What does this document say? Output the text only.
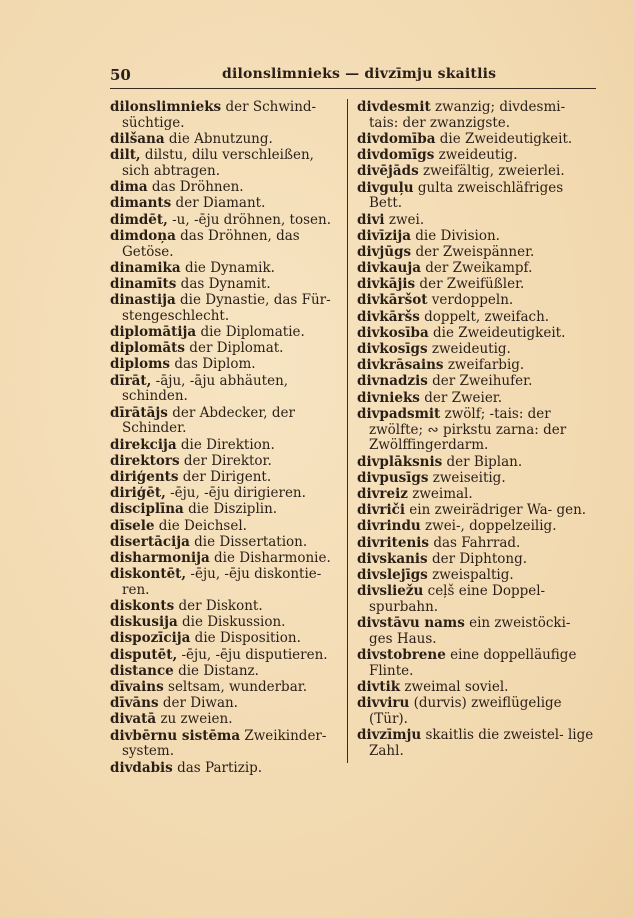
50	dilonslimnieks — divzīmju skaitlis
dilonslimnieks der Schwind- süchtige.
dilšana die Abnutzung.
dilt, dilstu, dilu verschleißen, sich abtragen.
dima das Dröhnen.
dimants der Diamant.
dimdēt, -u, -ēju dröhnen, tosen.
dimdoņa das Dröhnen, das Getöse.
dinamika die Dynamik.
dinamīts das Dynamit.
dinastija die Dynastie, das Für- stengeschlecht.
diplomātija die Diplomatie.
diplomāts der Diplomat.
diploms das Diplom.
dīrāt, -āju, -āju abhäuten, schinden.
dīrātājs der Abdecker, der Schinder.
direkcija die Direktion.
direktors der Direktor.
diriģents der Dirigent.
diriģēt, -ēju, -ēju dirigieren.
disciplīna die Disziplin.
dīsele die Deichsel.
disertācija die Dissertation.
disharmonija die Disharmonie.
diskontēt, -ēju, -ēju diskontie- ren.
diskonts der Diskont.
diskusija die Diskussion.
dispozīcija die Disposition.
disputēt, -ēju, -ēju disputieren.
distance die Distanz.
dīvains seltsam, wunderbar.
dīvāns der Diwan.
divatā zu zweien.
divbērnu sistēma Zweikinder- system.
divdabis das Partizip.
divdesmit zwanzig; divdesmi- tais: der zwanzigste.
divdomība die Zweideutigkeit.
divdomīgs zweideutig.
divējāds zweifältig, zweierlei.
divguļu gulta zweischläfriges Bett.
divi zwei.
divīzija die Division.
divjūgs der Zweispänner.
divkauja der Zweikampf.
divkājis der Zweifüßler.
divkāršot verdoppeln.
divkāršs doppelt, zweifach.
divkosība die Zweideutigkeit.
divkosīgs zweideutig.
divkrāsains zweifarbig.
divnadzis der Zweihufer.
divnieks der Zweier.
divpadsmit zwölf; -tais: der zwölfte; ∾ pirkstu zarna: der Zwölffingerdarm.
divplāksnis der Biplan.
divpusīgs zweiseitig.
divreiz zweimal.
divriči ein zweirädriger Wa- gen.
divrindu zwei-, doppelzeilig.
divritenis das Fahrrad.
divskanis der Diphtong.
divslejīgs zweispaltig.
divsliežu ceļš eine Doppel- spurbahn.
divstāvu nams ein zweistöcki- ges Haus.
divstobrene eine doppelläufige Flinte.
divtik zweimal soviel.
divviru (durvis) zweiflügelige (Tür).
divzīmju skaitlis die zweistel- lige Zahl.
